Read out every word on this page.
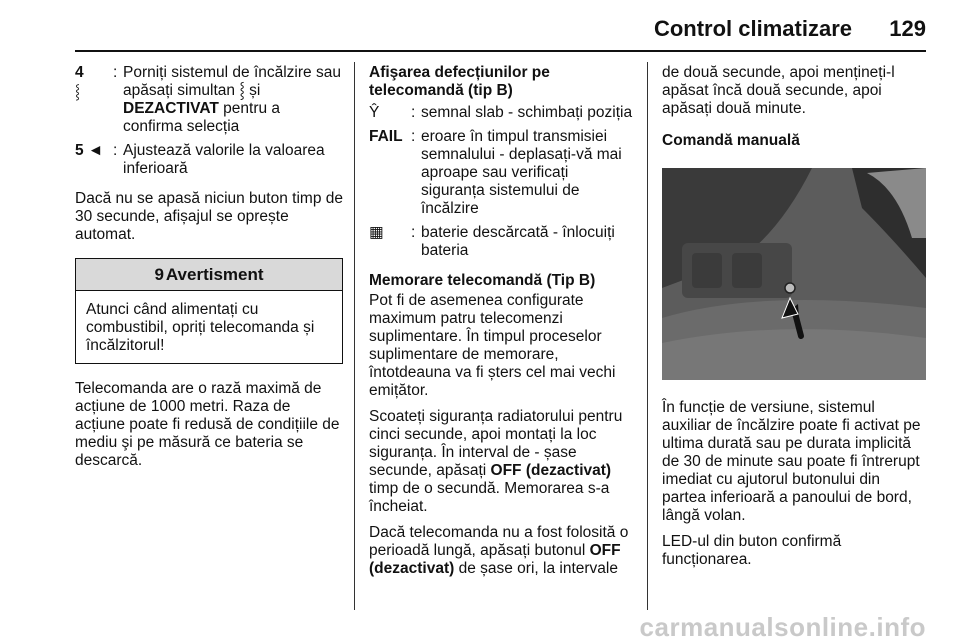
Control climatizare 129
4
⸾
: Porniți sistemul de încălzire sau apăsați simultan ⸾ și DEZACTIVAT pentru a confirma selecția
5 ◄ : Ajustează valorile la valoarea inferioară

Dacă nu se apasă niciun buton timp de 30 secunde, afișajul se oprește automat.

9 Avertisment
Atunci când alimentați cu combustibil, opriți telecomanda și încălzitorul!

Telecomanda are o rază maximă de acțiune de 1000 metri. Raza de acțiune poate fi redusă de condițiile de mediu şi pe măsură ce bateria se descarcă.

Afişarea defecțiunilor pe telecomandă (tip B)
Ŷ	: semnal slab - schimbați poziția
FAIL : eroare în timpul transmisiei semnalului - deplasați-vă mai aproape sau verificați siguranța sistemului de încălzire
▦	: baterie descărcată - înlocuiți bateria
Memorare telecomandă (Tip B)

Pot fi de asemenea configurate maximum patru telecomenzi suplimentare. În timpul proceselor suplimentare de memorare, întotdeauna va fi șters cel mai vechi emițător.

Scoateți siguranța radiatorului pentru cinci secunde, apoi montați la loc siguranța. În interval de - șase secunde, apăsați OFF (dezactivat) timp de o secundă. Memorarea s-a încheiat.

Dacă telecomanda nu a fost folosită o perioadă lungă, apăsați butonul OFF (dezactivat) de șase ori, la intervale

de două secunde, apoi mențineți-l apăsat încă două secunde, apoi apăsați două minute.

Comandă manuală

În funcție de versiune, sistemul auxiliar de încălzire poate fi activat pe ultima durată sau pe durata implicită de 30 de minute sau poate fi întrerupt imediat cu ajutorul butonului din partea inferioară a panoului de bord, lângă volan.

LED-ul din buton confirmă funcționarea.

carmanualsonline.info
